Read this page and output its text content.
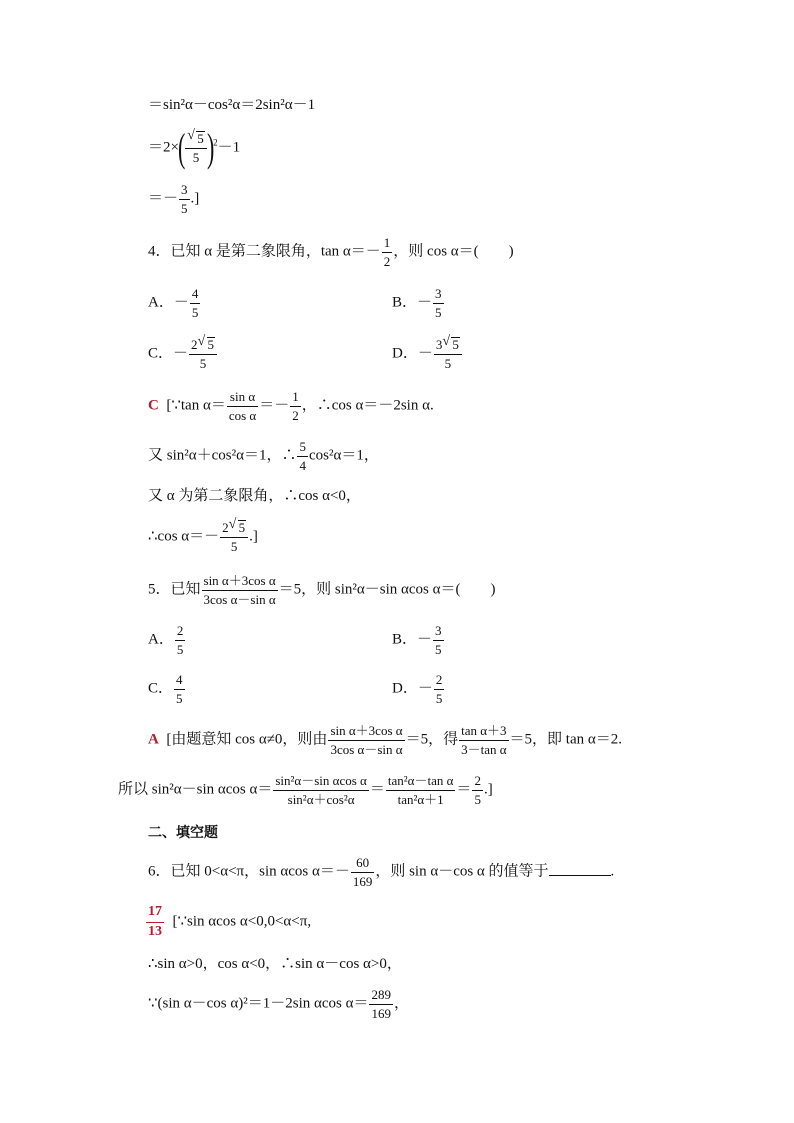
＝sin²α－cos²α＝2sin²α－1
$=2\times( \frac{√ 5}{5} )^2-1$
＝－ $\frac{3}{5}$ .]
4．已知 α 是第二象限角，$\tan \alpha=- \frac{1}{2}$ ，则 cos α＝(　　)
A．－ $\frac{4}{5}$	B．－ $\frac{3}{5}$
C．－ $\frac{2 √ 5}{5}$	D．－ $\frac{3 √ 5}{5}$
C [∵tan $\alpha= \frac{\text{sin α}}{\text{cos α}} =- \frac{1}{2}$ ，∴cos α＝－2sin α.
又 sin²α＋cos²α＝1，∴ $\frac{5}{4} \cos^2\alpha=1$，
又 α 为第二象限角，∴cos α<0，
∴cos $\alpha=- \frac{2 √ 5}{5}$ .]
5．已知 $\frac{\text{sin α＋3cos α}}{\text{3cos α－sin α}} =5$，则 sin²α－sin αcos α＝(　　)
A． $\frac{2}{5}$	B．－ $\frac{3}{5}$
C． $\frac{4}{5}$	D．－ $\frac{2}{5}$
A [由题意知 cos α≠0，则由 $\frac{\text{sin α＋3cos α}}{\text{3cos α－sin α}} =5$，得 $\frac{\text{tan α＋3}}{\text{3－tan α}} =5$，即 tan α＝2.
所以 sin²α－sin αcos $\alpha= \frac{\text{sin²α－sin αcos α}}{\text{sin²α＋cos²α}} = \frac{\text{tan²α－tan α}}{\text{tan²α＋1}} = \frac{2}{5}$ .]
二、填空题
6．已知 0<α<π，sin αcos $\alpha=- \frac{60}{169}$ ，则 sin α－cos α 的值等于	.
$\frac{17}{13}$ [∵sin αcos α<0,0<α<π,
∴sin α>0，cos α<0，∴sin α－cos α>0，
∵(sin α－cos α)²＝1－2sin αcos $\alpha= \frac{289}{169}$ ，
